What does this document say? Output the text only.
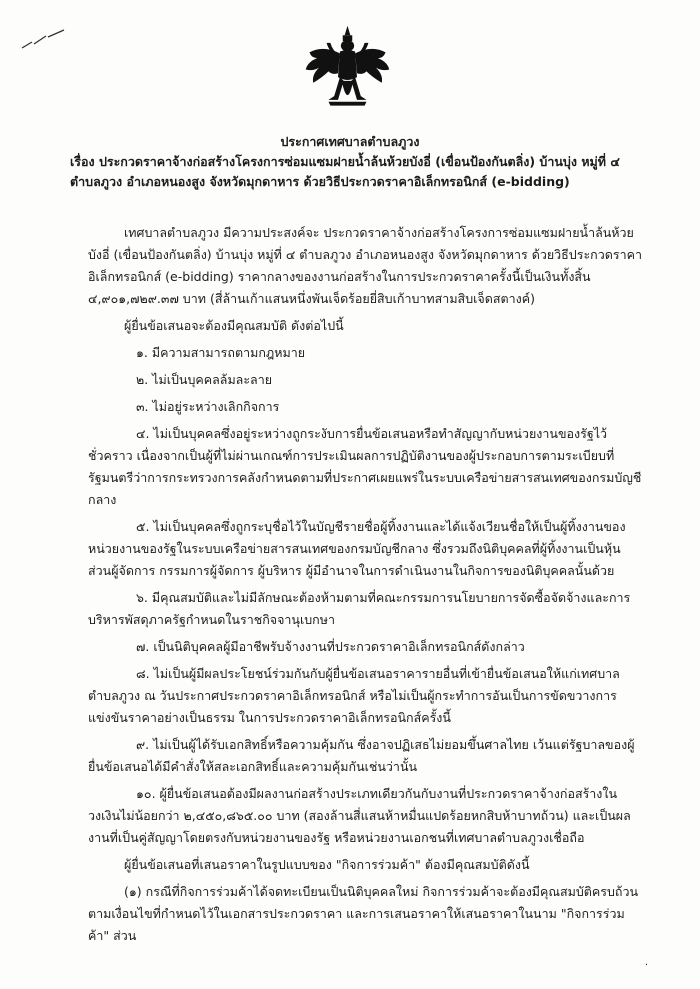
ประกาศเทศบาลตำบลภูวง
เรื่อง ประกวดราคาจ้างก่อสร้างโครงการซ่อมแซมฝายน้ำล้นห้วยบังอี่ (เขื่อนป้องกันตลิ่ง) บ้านบุ่ง หมู่ที่ ๔ ตำบลภูวง อำเภอหนองสูง จังหวัดมุกดาหาร ด้วยวิธีประกวดราคาอิเล็กทรอนิกส์ (e-bidding)

เทศบาลตำบลภูวง มีความประสงค์จะ ประกวดราคาจ้างก่อสร้างโครงการซ่อมแซมฝายน้ำล้นห้วยบังอี่ (เขื่อนป้องกันตลิ่ง) บ้านบุ่ง หมู่ที่ ๔ ตำบลภูวง อำเภอหนองสูง จังหวัดมุกดาหาร ด้วยวิธีประกวดราคาอิเล็กทรอนิกส์ (e-bidding) ราคากลางของงานก่อสร้างในการประกวดราคาครั้งนี้เป็นเงินทั้งสิ้น ๔,๙๐๑,๗๒๙.๓๗ บาท (สี่ล้านเก้าแสนหนึ่งพันเจ็ดร้อยยี่สิบเก้าบาทสามสิบเจ็ดสตางค์)

ผู้ยื่นข้อเสนอจะต้องมีคุณสมบัติ ดังต่อไปนี้

๑. มีความสามารถตามกฎหมาย

๒. ไม่เป็นบุคคลล้มละลาย

๓. ไม่อยู่ระหว่างเลิกกิจการ

๔. ไม่เป็นบุคคลซึ่งอยู่ระหว่างถูกระงับการยื่นข้อเสนอหรือทำสัญญากับหน่วยงานของรัฐไว้ชั่วคราว เนื่องจากเป็นผู้ที่ไม่ผ่านเกณฑ์การประเมินผลการปฏิบัติงานของผู้ประกอบการตามระเบียบที่รัฐมนตรีว่าการกระทรวงการคลังกำหนดตามที่ประกาศเผยแพร่ในระบบเครือข่ายสารสนเทศของกรมบัญชีกลาง

๕. ไม่เป็นบุคคลซึ่งถูกระบุชื่อไว้ในบัญชีรายชื่อผู้ทิ้งงานและได้แจ้งเวียนชื่อให้เป็นผู้ทิ้งงานของหน่วยงานของรัฐในระบบเครือข่ายสารสนเทศของกรมบัญชีกลาง ซึ่งรวมถึงนิติบุคคลที่ผู้ทิ้งงานเป็นหุ้นส่วนผู้จัดการ กรรมการผู้จัดการ ผู้บริหาร ผู้มีอำนาจในการดำเนินงานในกิจการของนิติบุคคลนั้นด้วย

๖. มีคุณสมบัติและไม่มีลักษณะต้องห้ามตามที่คณะกรรมการนโยบายการจัดซื้อจัดจ้างและการบริหารพัสดุภาครัฐกำหนดในราชกิจจานุเบกษา

๗. เป็นนิติบุคคลผู้มีอาชีพรับจ้างงานที่ประกวดราคาอิเล็กทรอนิกส์ดังกล่าว

๘. ไม่เป็นผู้มีผลประโยชน์ร่วมกันกับผู้ยื่นข้อเสนอราคารายอื่นที่เข้ายื่นข้อเสนอให้แก่เทศบาลตำบลภูวง ณ วันประกาศประกวดราคาอิเล็กทรอนิกส์ หรือไม่เป็นผู้กระทำการอันเป็นการขัดขวางการแข่งขันราคาอย่างเป็นธรรม ในการประกวดราคาอิเล็กทรอนิกส์ครั้งนี้

๙. ไม่เป็นผู้ได้รับเอกสิทธิ์หรือความคุ้มกัน ซึ่งอาจปฏิเสธไม่ยอมขึ้นศาลไทย เว้นแต่รัฐบาลของผู้ยื่นข้อเสนอได้มีคำสั่งให้สละเอกสิทธิ์และความคุ้มกันเช่นว่านั้น

๑๐. ผู้ยื่นข้อเสนอต้องมีผลงานก่อสร้างประเภทเดียวกันกับงานที่ประกวดราคาจ้างก่อสร้างในวงเงินไม่น้อยกว่า ๒,๔๕๐,๘๖๕.๐๐ บาท (สองล้านสี่แสนห้าหมื่นแปดร้อยหกสิบห้าบาทถ้วน) และเป็นผลงานที่เป็นคู่สัญญาโดยตรงกับหน่วยงานของรัฐ หรือหน่วยงานเอกชนที่เทศบาลตำบลภูวงเชื่อถือ

ผู้ยื่นข้อเสนอที่เสนอราคาในรูปแบบของ "กิจการร่วมค้า" ต้องมีคุณสมบัติดังนี้

(๑) กรณีที่กิจการร่วมค้าได้จดทะเบียนเป็นนิติบุคคลใหม่ กิจการร่วมค้าจะต้องมีคุณสมบัติครบถ้วนตามเงื่อนไขที่กำหนดไว้ในเอกสารประกวดราคา และการเสนอราคาให้เสนอราคาในนาม "กิจการร่วมค้า" ส่วน

·
